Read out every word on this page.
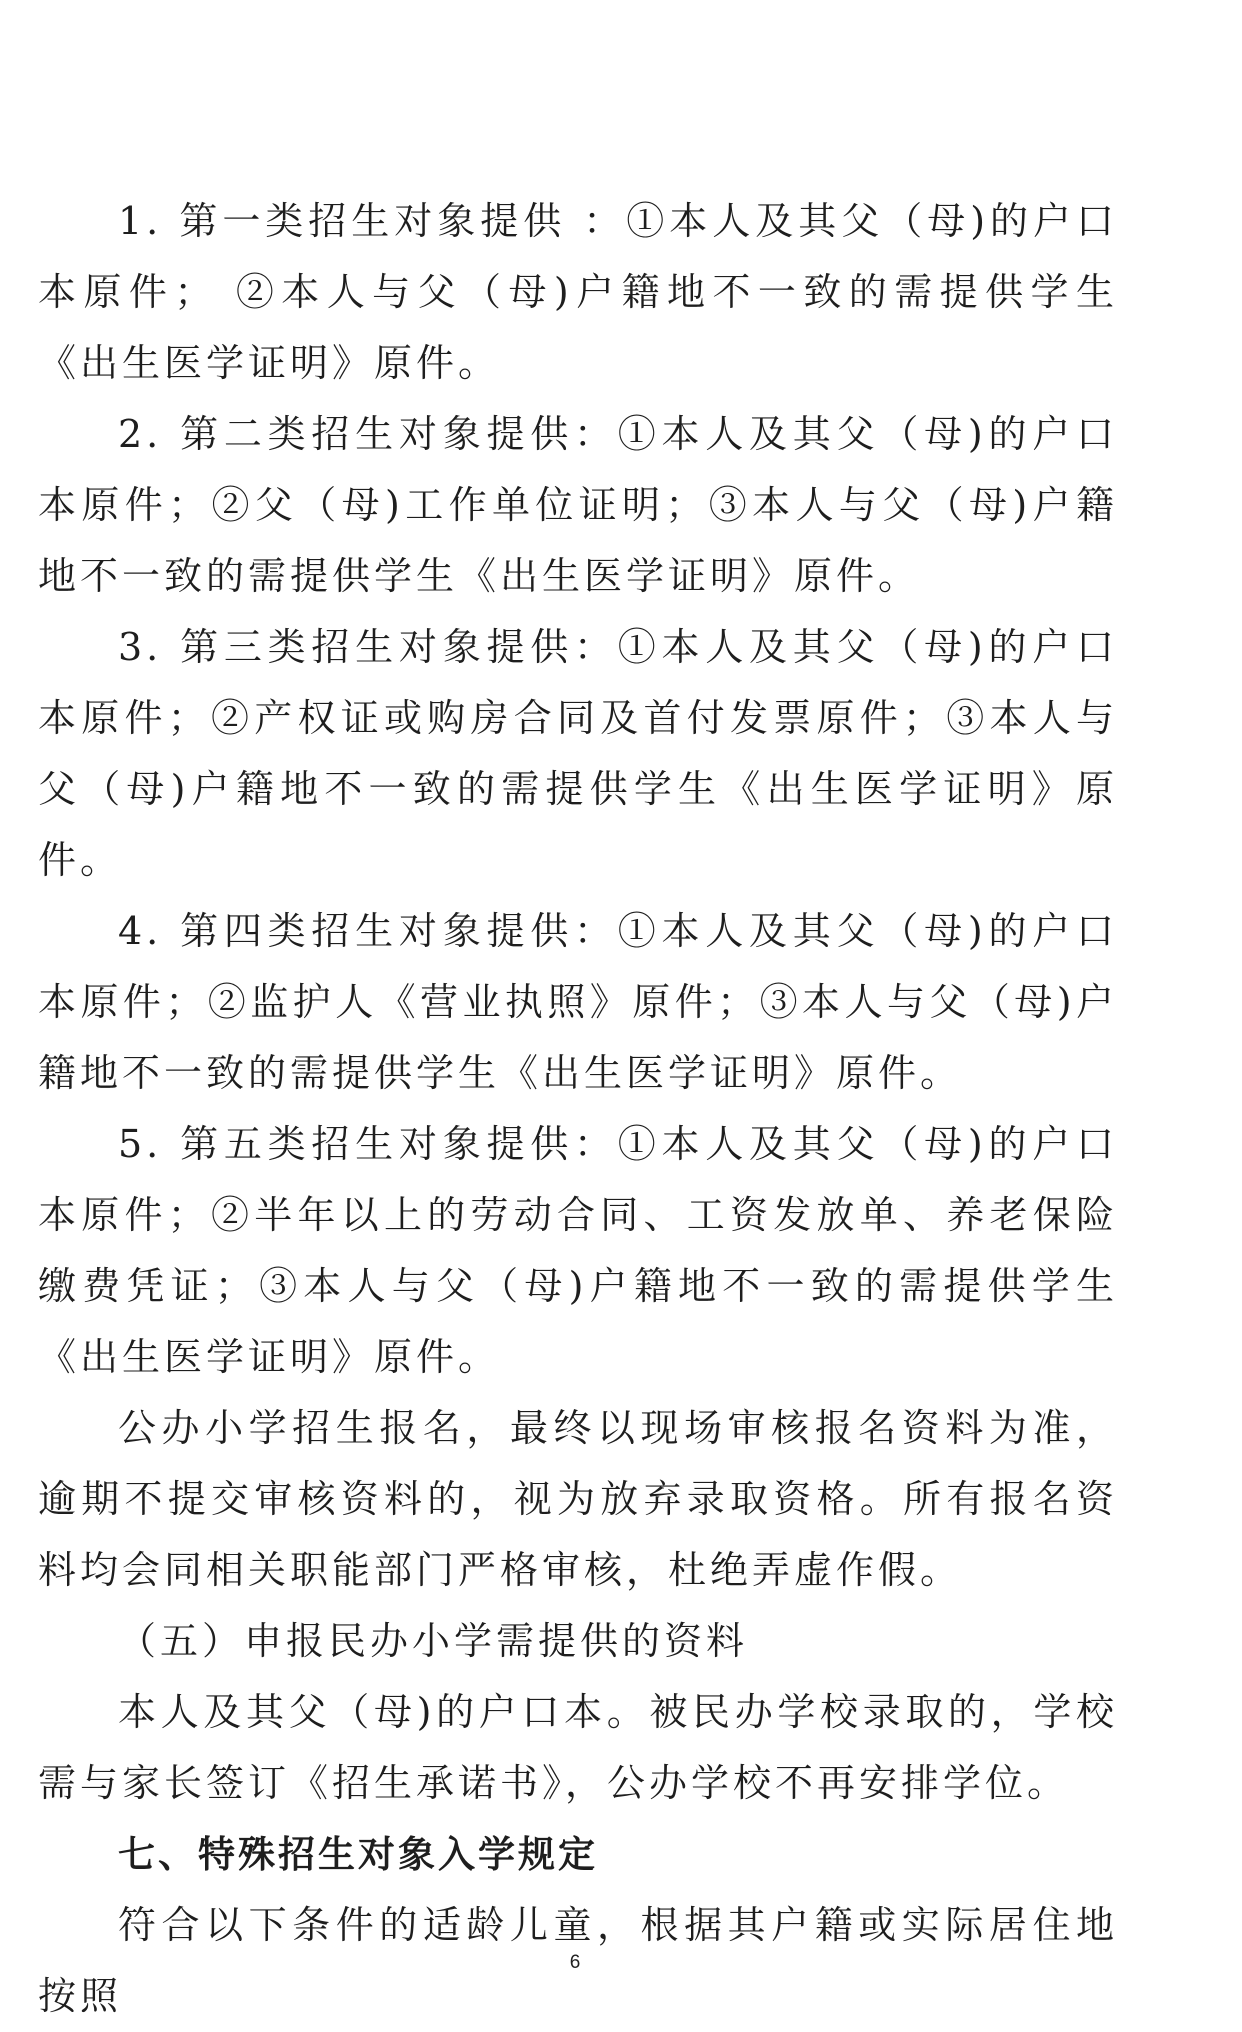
1. 第一类招生对象提供 ：①本人及其父（母)的户口本原件； ②本人与父（母)户籍地不一致的需提供学生《出生医学证明》原件。

2. 第二类招生对象提供：①本人及其父（母)的户口本原件；②父（母)工作单位证明；③本人与父（母)户籍地不一致的需提供学生《出生医学证明》原件。

3. 第三类招生对象提供：①本人及其父（母)的户口本原件；②产权证或购房合同及首付发票原件；③本人与父（母)户籍地不一致的需提供学生《出生医学证明》原件。

4. 第四类招生对象提供：①本人及其父（母)的户口本原件；②监护人《营业执照》原件；③本人与父（母)户籍地不一致的需提供学生《出生医学证明》原件。

5. 第五类招生对象提供：①本人及其父（母)的户口本原件；②半年以上的劳动合同、工资发放单、养老保险缴费凭证；③本人与父（母)户籍地不一致的需提供学生《出生医学证明》原件。

公办小学招生报名，最终以现场审核报名资料为准，逾期不提交审核资料的，视为放弃录取资格。所有报名资料均会同相关职能部门严格审核，杜绝弄虚作假。

（五）申报民办小学需提供的资料

本人及其父（母)的户口本。被民办学校录取的，学校需与家长签订《招生承诺书》，公办学校不再安排学位。

七、特殊招生对象入学规定

符合以下条件的适龄儿童，根据其户籍或实际居住地按照

6
